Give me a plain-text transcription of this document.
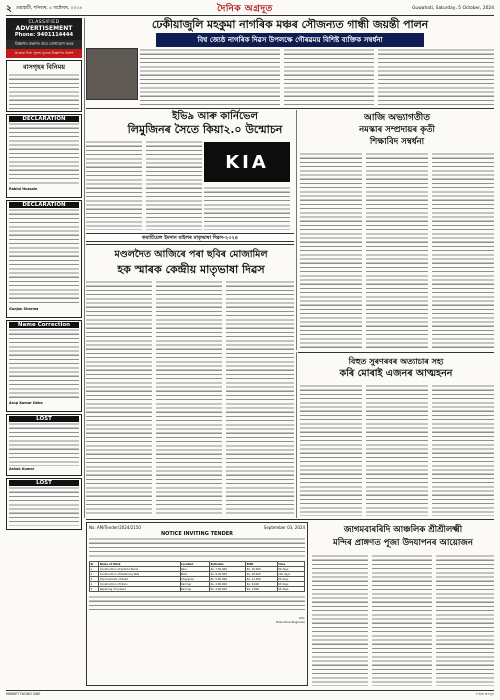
২ গুৱাহাটী, শনিবাৰ, ৫ অক্টোবৰ, ২০২৪	দৈনিক অগ্ৰদূত	Guwahati, Saturday, 5 October, 2024
CLASSIFIED
ADVERTISEMENT
Phone: 9401114444
বিজ্ঞাপন প্ৰকাশৰ বাবে যোগাযোগ কৰক
প্ৰত্যেক দিনা সুলভ মূল্যত বিজ্ঞাপন প্ৰকাশ
বাসগৃহৰ বিনিময়
DECLARATION
Rabiul Hussain
DECLARATION
Gunjan Sharma
Name Correction
Arup Kumar Deka
LOST
Ashok Kumar
LOST
ঢেকীয়াজুলি মহকুমা নাগৰিক মঞ্চৰ সৌজন্যত গান্ধী জয়ন্তী পালন
বিশ্ব জ্যেষ্ঠ নাগৰিক দিৱস উপলক্ষে গৌৰৱময় বিশিষ্ট ব্যক্তিক সম্বৰ্ধনা
ইভি৯ আৰু কাৰ্নিভেল
লিমুজিনৰ সৈতে কিয়া২.০ উন্মোচন
KIA
কমাৰ্চিয়েল ইমদান মাইলৰ মাতৃভাষা দিৱস-২০২৪
আজি অভ্যাগতীত
নমস্কাৰ সম্প্ৰদায়ৰ কৃতী
শিক্ষাবিদ সম্বৰ্ধনা
মণ্ডলদৈত আজিৰে পৰা ছবিৰ মোজামিল
হক স্মাৰক কেন্দ্ৰীয় মাতৃভাষা দিৱস
বিহুত সুৰণৰবৰ অত্যাচাৰ সহ্য
কৰি মোৰাই এজনৰ আত্মহনন
No. AM/Tender/2024/2150	September 03, 2024
NOTICE INVITING TENDER
Sl	Name of Work	Location	Estimate	EMD	Time
1	Construction of Vehicle Stand	Rani	Rs. 7,50,000	Rs. 15,000	90 days
2	Construction of Retaining Wall	Boko	Rs. 9,20,000	Rs. 18,400	120 days
3	Improvement of Road	Chaygaon	Rs. 5,60,000	Rs. 11,200	60 days
4	Construction of Drain	Kamrup	Rs. 4,80,000	Rs. 9,600	60 days
5	Repairing of Culvert	Kamrup	Rs. 3,90,000	Rs. 7,800	45 days
Sd/-
Executive Engineer
জাগমবাৰৰিদি আঞ্চলিক শ্ৰীশ্ৰীলক্ষ্মী
মন্দিৰ প্ৰাঙ্গণত পূজা উদযাপনৰ আয়োজন
MARKET FACING SIDE	দৈনিক অগ্ৰদূত
